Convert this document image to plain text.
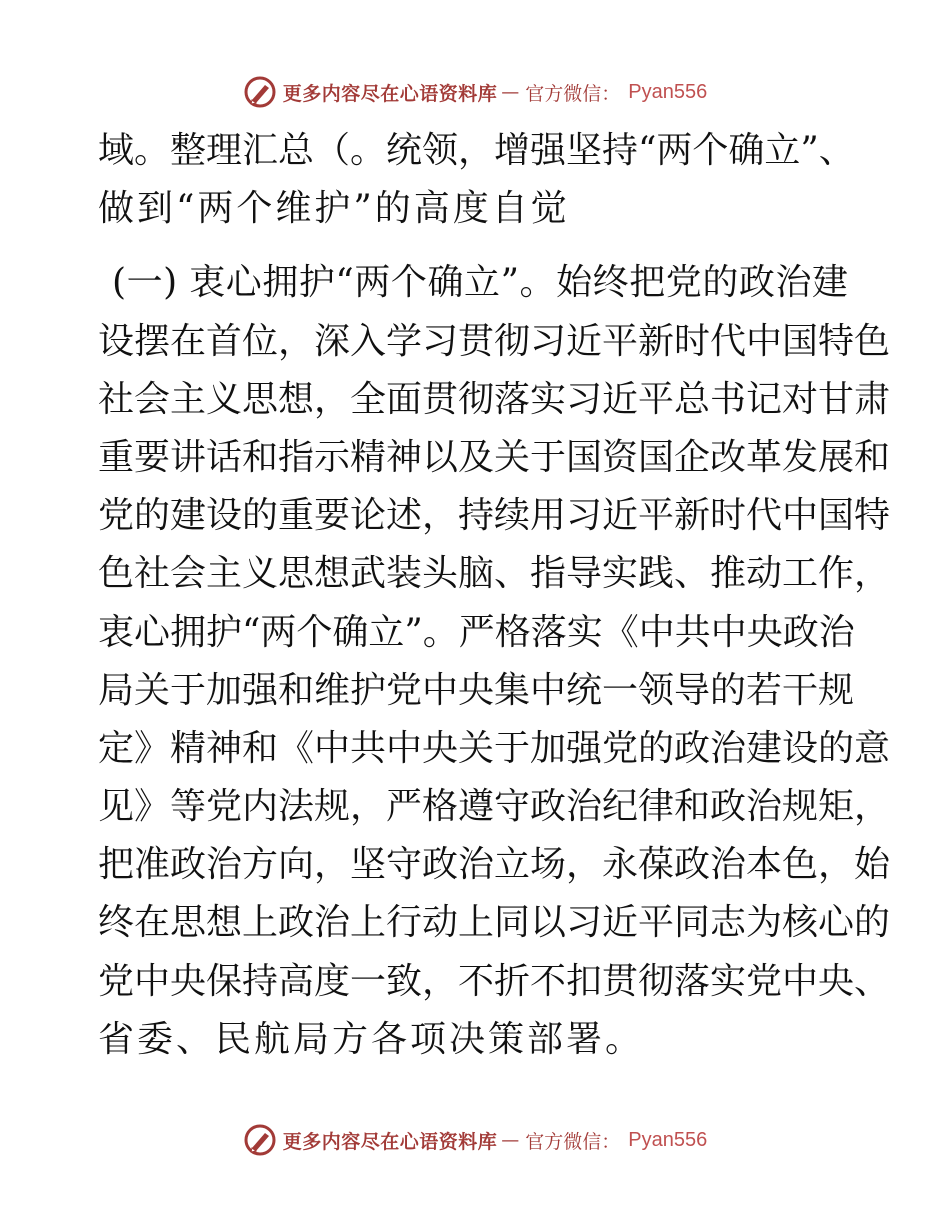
更多内容尽在心语资料库 — 官方微信： Pyan556
域。整理汇总（。统领，增强坚持“两个确立”、
做到“两个维护”的高度自觉
(一) 衷心拥护“两个确立”。始终把党的政治建
设摆在首位，深入学习贯彻习近平新时代中国特色
社会主义思想，全面贯彻落实习近平总书记对甘肃
重要讲话和指示精神以及关于国资国企改革发展和
党的建设的重要论述，持续用习近平新时代中国特
色社会主义思想武装头脑、指导实践、推动工作，
衷心拥护“两个确立”。严格落实《中共中央政治
局关于加强和维护党中央集中统一领导的若干规
定》精神和《中共中央关于加强党的政治建设的意
见》等党内法规，严格遵守政治纪律和政治规矩，
把准政治方向，坚守政治立场，永葆政治本色，始
终在思想上政治上行动上同以习近平同志为核心的
党中央保持高度一致，不折不扣贯彻落实党中央、
省委、民航局方各项决策部署。
更多内容尽在心语资料库 — 官方微信： Pyan556
